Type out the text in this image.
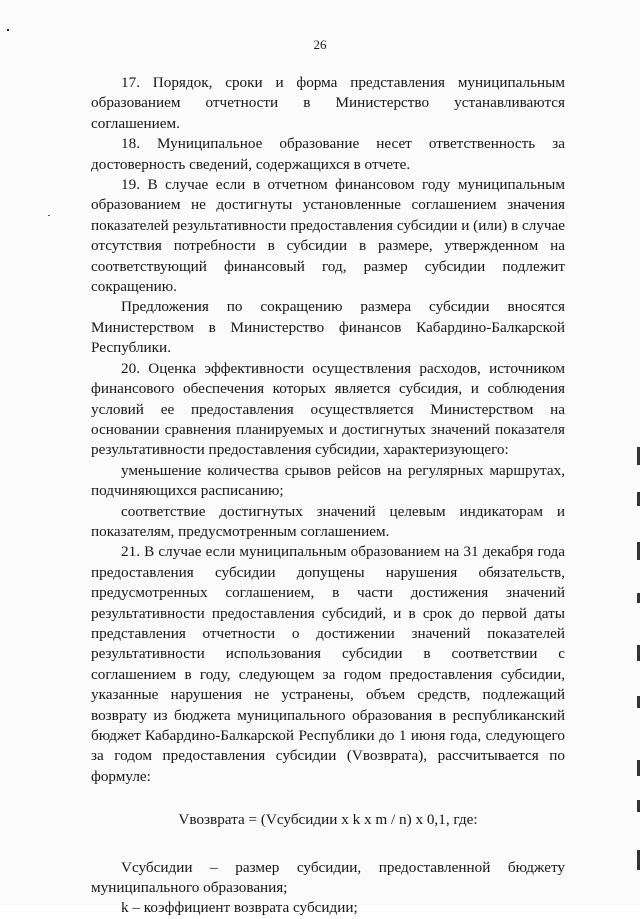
26

17. Порядок, сроки и форма представления муниципальным образованием отчетности в Министерство устанавливаются соглашением.

18. Муниципальное образование несет ответственность за достоверность сведений, содержащихся в отчете.

19. В случае если в отчетном финансовом году муниципальным образованием не достигнуты установленные соглашением значения показателей результативности предоставления субсидии и (или) в случае отсутствия потребности в субсидии в размере, утвержденном на соответствующий финансовый год, размер субсидии подлежит сокращению.

Предложения по сокращению размера субсидии вносятся Министерством в Министерство финансов Кабардино-Балкарской Республики.

20. Оценка эффективности осуществления расходов, источником финансового обеспечения которых является субсидия, и соблюдения условий ее предоставления осуществляется Министерством на основании сравнения планируемых и достигнутых значений показателя результативности предоставления субсидии, характеризующего:

уменьшение количества срывов рейсов на регулярных маршрутах, подчиняющихся расписанию;

соответствие достигнутых значений целевым индикаторам и показателям, предусмотренным соглашением.

21. В случае если муниципальным образованием на 31 декабря года предоставления субсидии допущены нарушения обязательств, предусмотренных соглашением, в части достижения значений результативности предоставления субсидий, и в срок до первой даты представления отчетности о достижении значений показателей результативности использования субсидии в соответствии с соглашением в году, следующем за годом предоставления субсидии, указанные нарушения не устранены, объем средств, подлежащий возврату из бюджета муниципального образования в республиканский бюджет Кабардино-Балкарской Республики до 1 июня года, следующего за годом предоставления субсидии (Vвозврата), рассчитывается по формуле:

Vвозврата = (Vсубсидии х k х m / n) х 0,1, где:

Vсубсидии – размер субсидии, предоставленной бюджету муниципального образования;

k – коэффициент возврата субсидии;
